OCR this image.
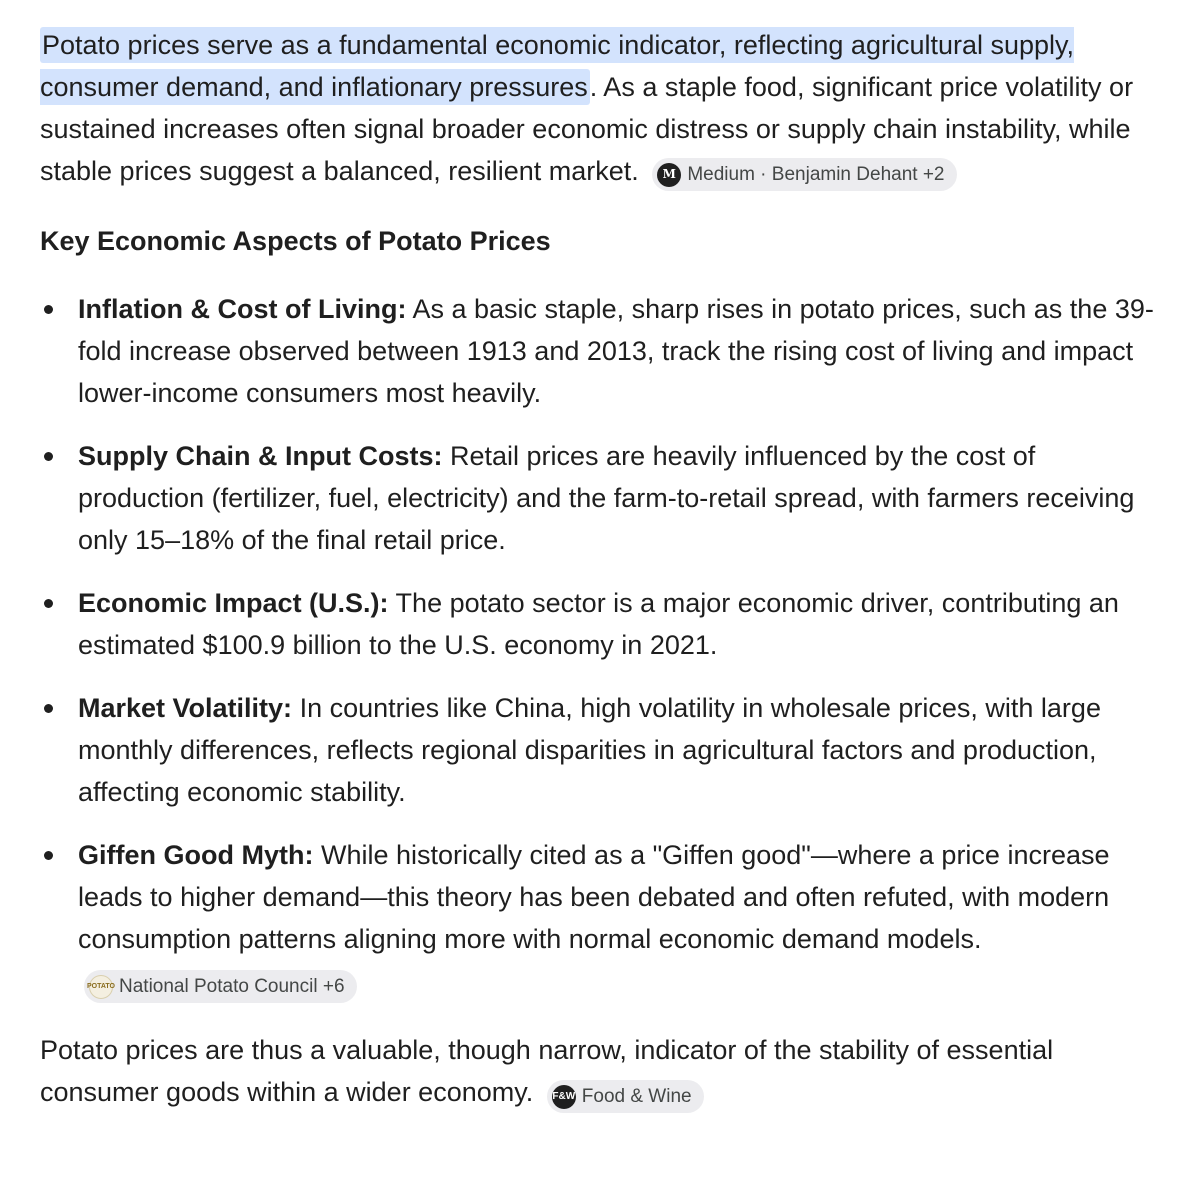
Potato prices serve as a fundamental economic indicator, reflecting agricultural supply, consumer demand, and inflationary pressures. As a staple food, significant price volatility or sustained increases often signal broader economic distress or supply chain instability, while stable prices suggest a balanced, resilient market.	M Medium · Benjamin Dehant +2

Key Economic Aspects of Potato Prices
Inflation & Cost of Living: As a basic staple, sharp rises in potato prices, such as the 39-fold increase observed between 1913 and 2013, track the rising cost of living and impact lower-income consumers most heavily.
Supply Chain & Input Costs: Retail prices are heavily influenced by the cost of production (fertilizer, fuel, electricity) and the farm-to-retail spread, with farmers receiving only 15–18% of the final retail price.
Economic Impact (U.S.): The potato sector is a major economic driver, contributing an estimated $100.9 billion to the U.S. economy in 2021.
Market Volatility: In countries like China, high volatility in wholesale prices, with large monthly differences, reflects regional disparities in agricultural factors and production, affecting economic stability.
Giffen Good Myth: While historically cited as a "Giffen good"—where a price increase leads to higher demand—this theory has been debated and often refuted, with modern consumption patterns aligning more with normal economic demand models.
POTATO National Potato Council +6

Potato prices are thus a valuable, though narrow, indicator of the stability of essential consumer goods within a wider economy. F&W Food & Wine
